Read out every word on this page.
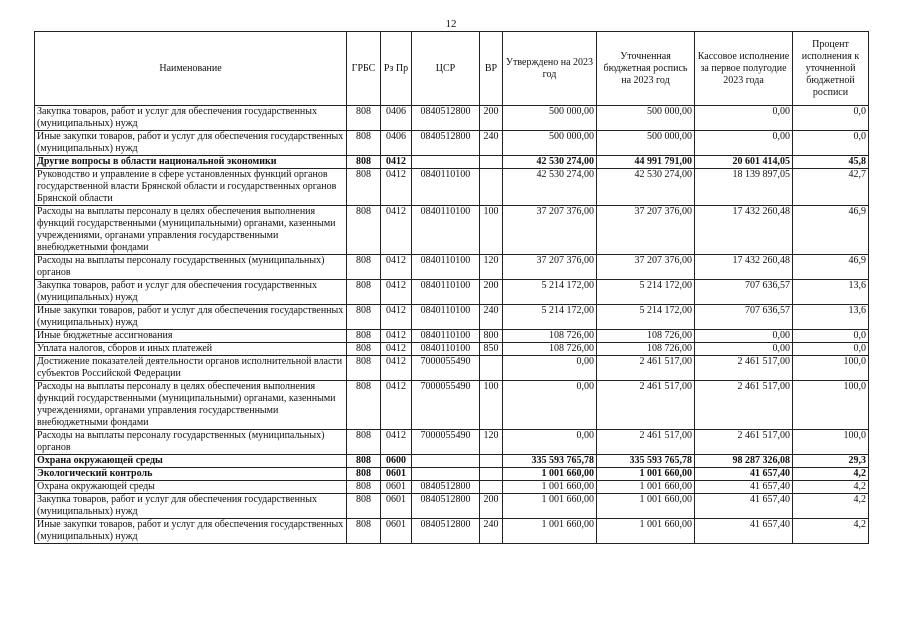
12
Наименование	ГРБС	Рз Пр	ЦСР	ВР	Утверждено на 2023 год	Уточненная бюджетная роспись на 2023 год	Кассовое исполнение за первое полугодие 2023 года	Процент исполнения к уточненной бюджетной росписи
Закупка товаров, работ и услуг для обеспечения государственных (муниципальных) нужд	808	0406	0840512800	200	500 000,00	500 000,00	0,00	0,0
Иные закупки товаров, работ и услуг для обеспечения государственных (муниципальных) нужд	808	0406	0840512800	240	500 000,00	500 000,00	0,00	0,0
Другие вопросы в области национальной экономики	808	0412			42 530 274,00	44 991 791,00	20 601 414,05	45,8
Руководство и управление в сфере установленных функций органов государственной власти Брянской области и государственных органов Брянской области	808	0412	0840110100		42 530 274,00	42 530 274,00	18 139 897,05	42,7
Расходы на выплаты персоналу в целях обеспечения выполнения функций государственными (муниципальными) органами, казенными учреждениями, органами управления государственными внебюджетными фондами	808	0412	0840110100	100	37 207 376,00	37 207 376,00	17 432 260,48	46,9
Расходы на выплаты персоналу государственных (муниципальных) органов	808	0412	0840110100	120	37 207 376,00	37 207 376,00	17 432 260,48	46,9
Закупка товаров, работ и услуг для обеспечения государственных (муниципальных) нужд	808	0412	0840110100	200	5 214 172,00	5 214 172,00	707 636,57	13,6
Иные закупки товаров, работ и услуг для обеспечения государственных (муниципальных) нужд	808	0412	0840110100	240	5 214 172,00	5 214 172,00	707 636,57	13,6
Иные бюджетные ассигнования	808	0412	0840110100	800	108 726,00	108 726,00	0,00	0,0
Уплата налогов, сборов и иных платежей	808	0412	0840110100	850	108 726,00	108 726,00	0,00	0,0
Достижение показателей деятельности органов исполнительной власти субъектов Российской Федерации	808	0412	7000055490		0,00	2 461 517,00	2 461 517,00	100,0
Расходы на выплаты персоналу в целях обеспечения выполнения функций государственными (муниципальными) органами, казенными учреждениями, органами управления государственными внебюджетными фондами	808	0412	7000055490	100	0,00	2 461 517,00	2 461 517,00	100,0
Расходы на выплаты персоналу государственных (муниципальных) органов	808	0412	7000055490	120	0,00	2 461 517,00	2 461 517,00	100,0
Охрана окружающей среды	808	0600			335 593 765,78	335 593 765,78	98 287 326,08	29,3
Экологический контроль	808	0601			1 001 660,00	1 001 660,00	41 657,40	4,2
Охрана окружающей среды	808	0601	0840512800		1 001 660,00	1 001 660,00	41 657,40	4,2
Закупка товаров, работ и услуг для обеспечения государственных (муниципальных) нужд	808	0601	0840512800	200	1 001 660,00	1 001 660,00	41 657,40	4,2
Иные закупки товаров, работ и услуг для обеспечения государственных (муниципальных) нужд	808	0601	0840512800	240	1 001 660,00	1 001 660,00	41 657,40	4,2
